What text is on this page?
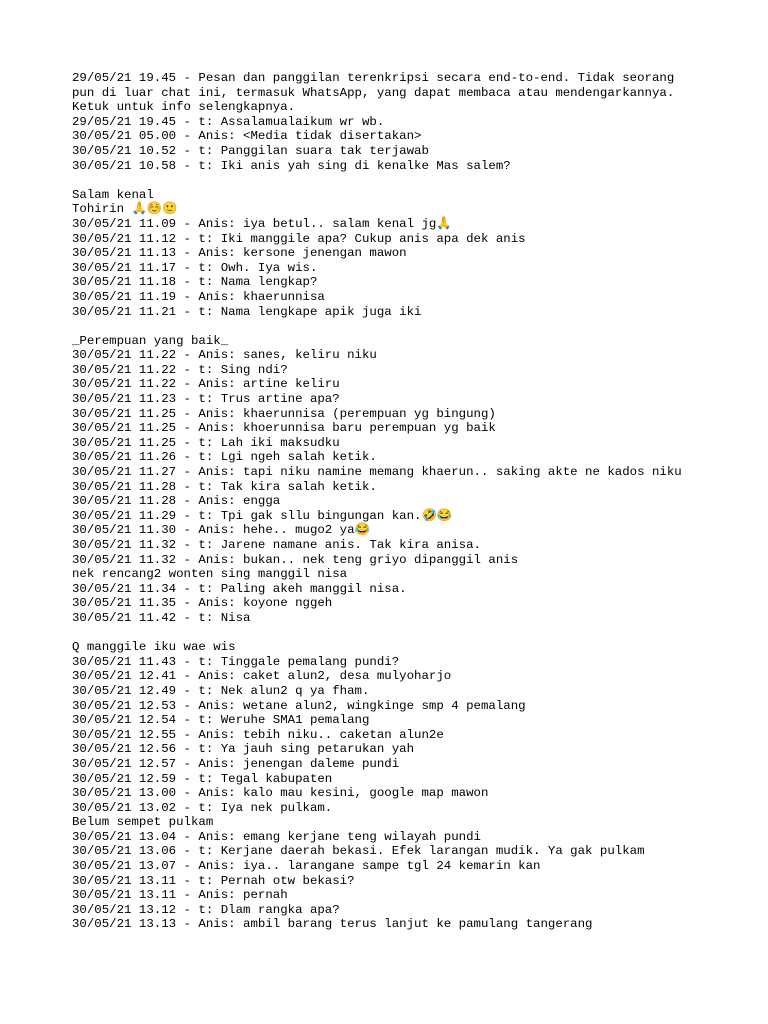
29/05/21 19.45 - Pesan dan panggilan terenkripsi secara end-to-end. Tidak seorang
pun di luar chat ini, termasuk WhatsApp, yang dapat membaca atau mendengarkannya.
Ketuk untuk info selengkapnya.
29/05/21 19.45 - t: Assalamualaikum wr wb.
30/05/21 05.00 - Anis: <Media tidak disertakan>
30/05/21 10.52 - t: Panggilan suara tak terjawab
30/05/21 10.58 - t: Iki anis yah sing di kenalke Mas salem?
Salam kenal
Tohirin 🙏☺️🙂
30/05/21 11.09 - Anis: iya betul.. salam kenal jg🙏
30/05/21 11.12 - t: Iki manggile apa? Cukup anis apa dek anis
30/05/21 11.13 - Anis: kersone jenengan mawon
30/05/21 11.17 - t: Owh. Iya wis.
30/05/21 11.18 - t: Nama lengkap?
30/05/21 11.19 - Anis: khaerunnisa
30/05/21 11.21 - t: Nama lengkape apik juga iki
_Perempuan yang baik_
30/05/21 11.22 - Anis: sanes, keliru niku
30/05/21 11.22 - t: Sing ndi?
30/05/21 11.22 - Anis: artine keliru
30/05/21 11.23 - t: Trus artine apa?
30/05/21 11.25 - Anis: khaerunnisa (perempuan yg bingung)
30/05/21 11.25 - Anis: khoerunnisa baru perempuan yg baik
30/05/21 11.25 - t: Lah iki maksudku
30/05/21 11.26 - t: Lgi ngeh salah ketik.
30/05/21 11.27 - Anis: tapi niku namine memang khaerun.. saking akte ne kados niku
30/05/21 11.28 - t: Tak kira salah ketik.
30/05/21 11.28 - Anis: engga
30/05/21 11.29 - t: Tpi gak sllu bingungan kan.🤣😂
30/05/21 11.30 - Anis: hehe.. mugo2 ya😂
30/05/21 11.32 - t: Jarene namane anis. Tak kira anisa.
30/05/21 11.32 - Anis: bukan.. nek teng griyo dipanggil anis
nek rencang2 wonten sing manggil nisa
30/05/21 11.34 - t: Paling akeh manggil nisa.
30/05/21 11.35 - Anis: koyone nggeh
30/05/21 11.42 - t: Nisa
Q manggile iku wae wis
30/05/21 11.43 - t: Tinggale pemalang pundi?
30/05/21 12.41 - Anis: caket alun2, desa mulyoharjo
30/05/21 12.49 - t: Nek alun2 q ya fham.
30/05/21 12.53 - Anis: wetane alun2, wingkinge smp 4 pemalang
30/05/21 12.54 - t: Weruhe SMA1 pemalang
30/05/21 12.55 - Anis: tebih niku.. caketan alun2e
30/05/21 12.56 - t: Ya jauh sing petarukan yah
30/05/21 12.57 - Anis: jenengan daleme pundi
30/05/21 12.59 - t: Tegal kabupaten
30/05/21 13.00 - Anis: kalo mau kesini, google map mawon
30/05/21 13.02 - t: Iya nek pulkam.
Belum sempet pulkam
30/05/21 13.04 - Anis: emang kerjane teng wilayah pundi
30/05/21 13.06 - t: Kerjane daerah bekasi. Efek larangan mudik. Ya gak pulkam
30/05/21 13.07 - Anis: iya.. larangane sampe tgl 24 kemarin kan
30/05/21 13.11 - t: Pernah otw bekasi?
30/05/21 13.11 - Anis: pernah
30/05/21 13.12 - t: Dlam rangka apa?
30/05/21 13.13 - Anis: ambil barang terus lanjut ke pamulang tangerang
